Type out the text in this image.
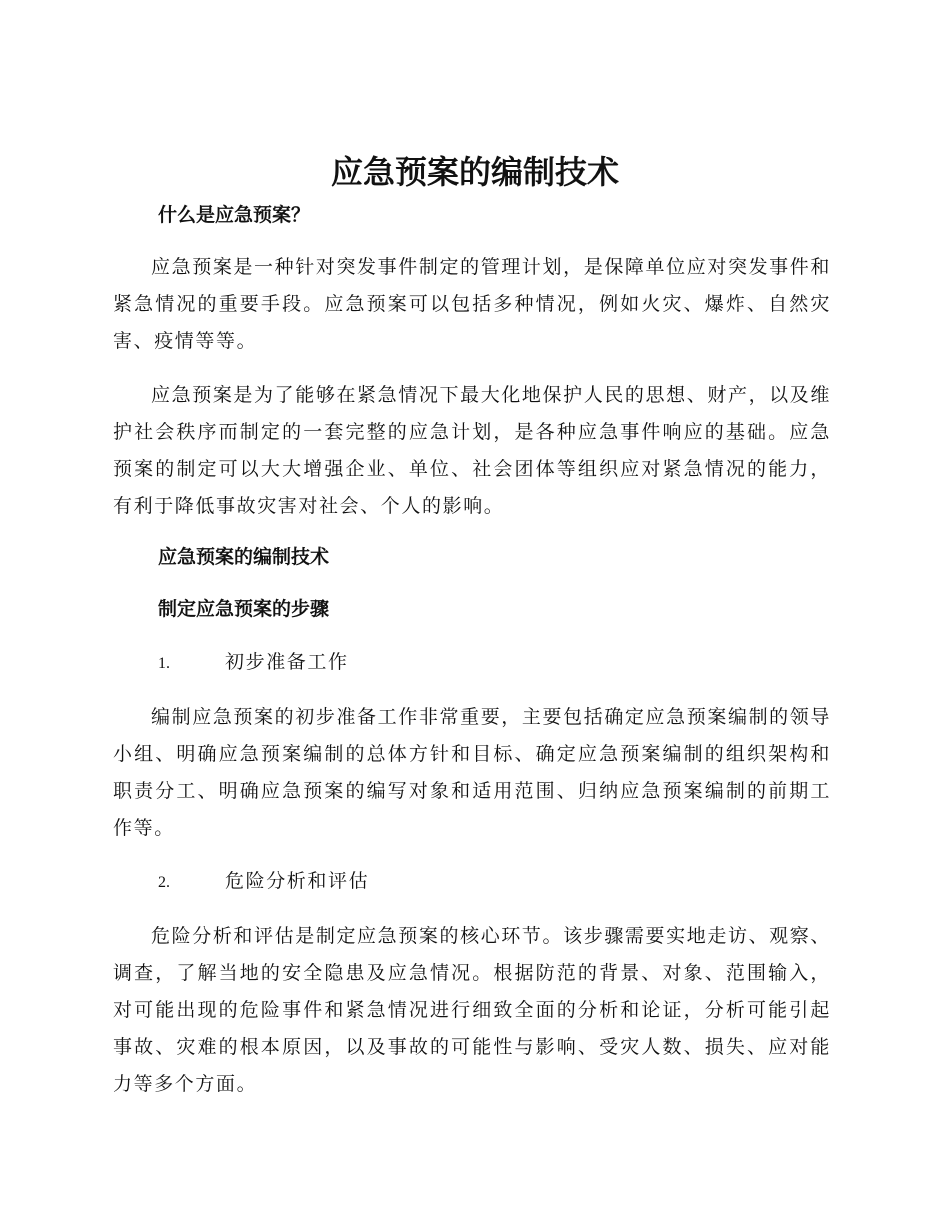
应急预案的编制技术
什么是应急预案？

应急预案是一种针对突发事件制定的管理计划，是保障单位应对突发事件和紧急情况的重要手段。应急预案可以包括多种情况，例如火灾、爆炸、自然灾害、疫情等等。

应急预案是为了能够在紧急情况下最大化地保护人民的思想、财产，以及维护社会秩序而制定的一套完整的应急计划，是各种应急事件响应的基础。应急预案的制定可以大大增强企业、单位、社会团体等组织应对紧急情况的能力，有利于降低事故灾害对社会、个人的影响。

应急预案的编制技术
制定应急预案的步骤
1.	初步准备工作

编制应急预案的初步准备工作非常重要，主要包括确定应急预案编制的领导小组、明确应急预案编制的总体方针和目标、确定应急预案编制的组织架构和职责分工、明确应急预案的编写对象和适用范围、归纳应急预案编制的前期工作等。

2.	危险分析和评估

危险分析和评估是制定应急预案的核心环节。该步骤需要实地走访、观察、调查，了解当地的安全隐患及应急情况。根据防范的背景、对象、范围输入，对可能出现的危险事件和紧急情况进行细致全面的分析和论证，分析可能引起事故、灾难的根本原因，以及事故的可能性与影响、受灾人数、损失、应对能力等多个方面。
